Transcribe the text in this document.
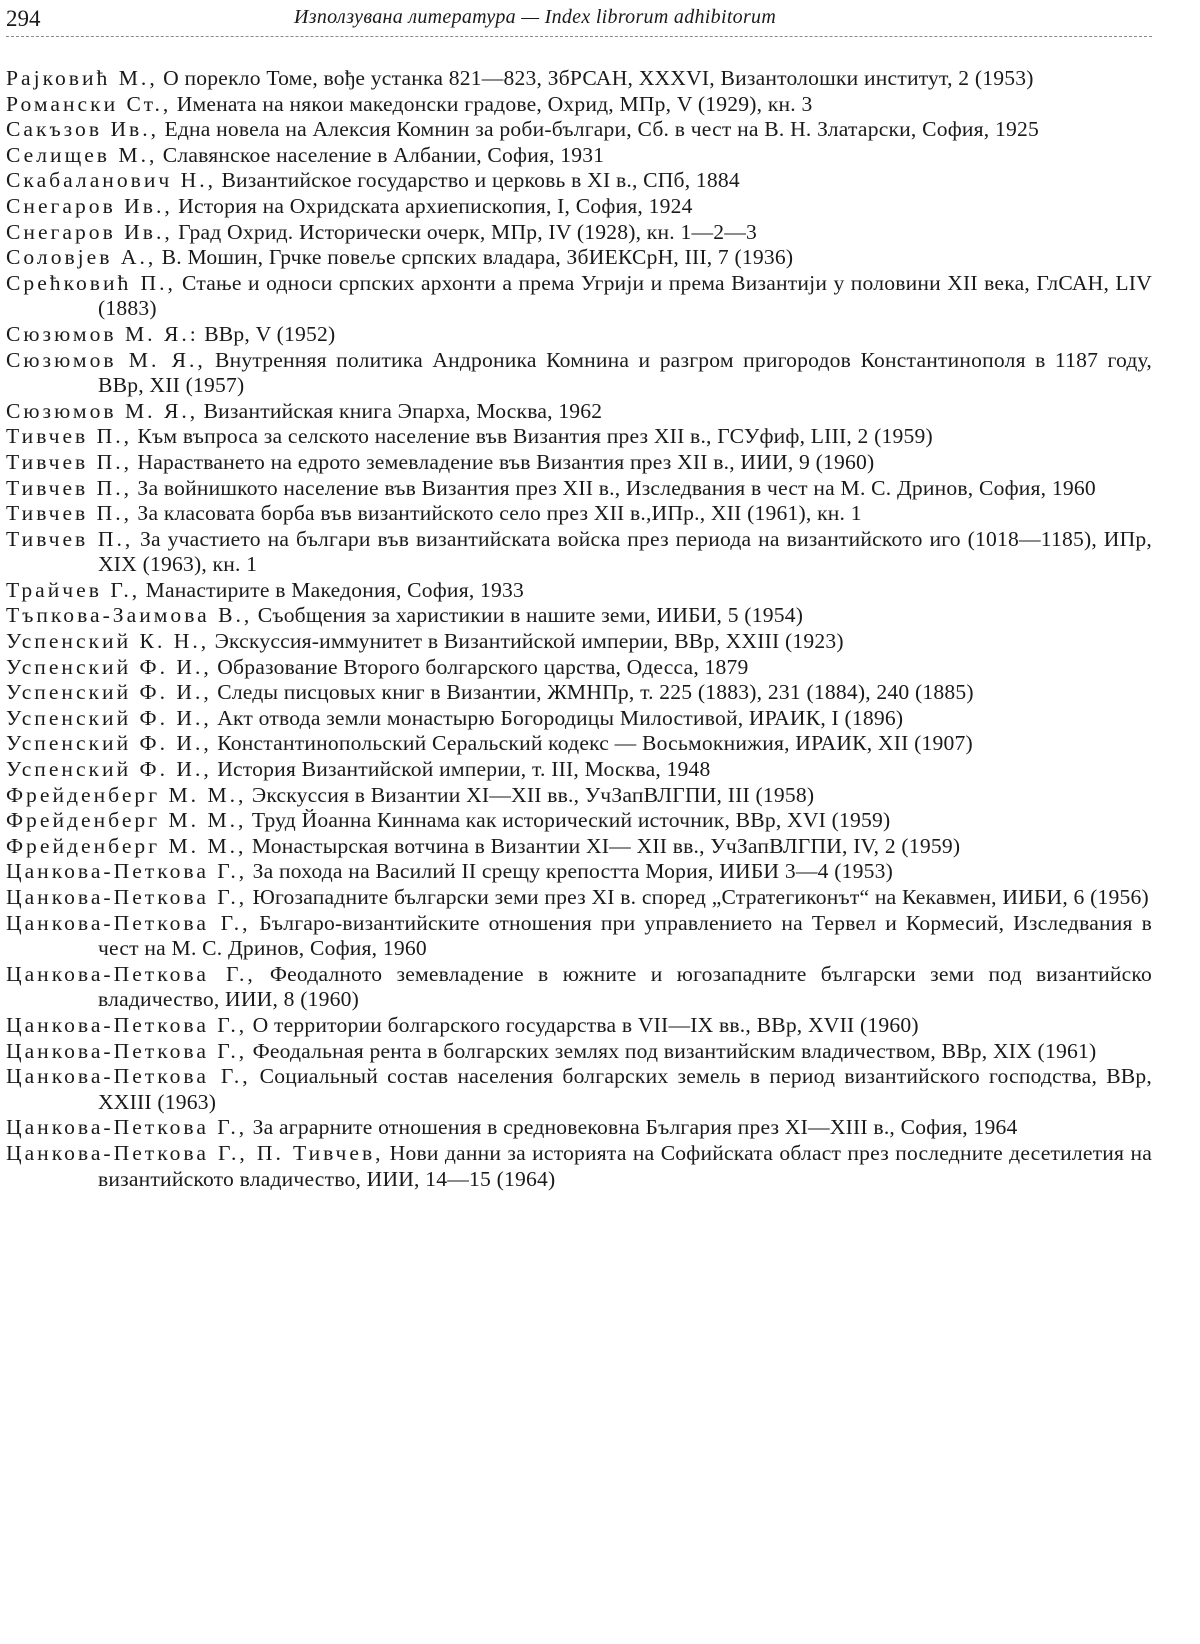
294	Използувана литература — Index librorum adhibitorum

Рајковић М., О порекло Томе, вође устанка 821—823, ЗбРСАН, XXXVI, Византолошки институт, 2 (1953)

Романски Ст., Имената на някои македонски градове, Охрид, МПр, V (1929), кн. 3

Сакъзов Ив., Една новела на Алексия Комнин за роби-българи, Сб. в чест на В. Н. Златарски, София, 1925

Селищев М., Славянское население в Албании, София, 1931

Скабаланович Н., Византийское государство и церковь в XI в., СПб, 1884

Снегаров Ив., История на Охридската архиепископия, I, София, 1924

Снегаров Ив., Град Охрид. Исторически очерк, МПр, IV (1928), кн. 1—2—3

Соловјев А., В. Мошин, Грчке повеље српских владара, ЗбИЕКСрН, III, 7 (1936)

Срећковић П., Стање и односи српских архонти а према Угрији и према Византији у половини XII века, ГлСАН, LIV (1883)

Сюзюмов М. Я.: ВВр, V (1952)

Сюзюмов М. Я., Внутренняя политика Андроника Комнина и разгром пригородов Константинополя в 1187 году, ВВр, XII (1957)

Сюзюмов М. Я., Византийская книга Эпарха, Москва, 1962

Тивчев П., Към въпроса за селското население във Византия през XII в., ГСУфиф, LIII, 2 (1959)

Тивчев П., Нарастването на едрото земевладение във Византия през XII в., ИИИ, 9 (1960)

Тивчев П., За войнишкото население във Византия през XII в., Изследвания в чест на М. С. Дринов, София, 1960

Тивчев П., За класовата борба във византийското село през XII в.,ИПр., XII (1961), кн. 1

Тивчев П., За участието на българи във византийската войска през периода на византийското иго (1018—1185), ИПр, XIX (1963), кн. 1

Трайчев Г., Манастирите в Македония, София, 1933

Тъпкова-Заимова В., Съобщения за харистикии в нашите земи, ИИБИ, 5 (1954)

Успенский К. Н., Экскуссия-иммунитет в Византийской империи, ВВр, XXIII (1923)

Успенский Ф. И., Образование Второго болгарского царства, Одесса, 1879

Успенский Ф. И., Следы писцовых книг в Византии, ЖМНПр, т. 225 (1883), 231 (1884), 240 (1885)

Успенский Ф. И., Акт отвода земли монастырю Богородицы Милостивой, ИРАИК, I (1896)

Успенский Ф. И., Константинопольский Серальский кодекс — Восьмокнижия, ИРАИК, XII (1907)

Успенский Ф. И., История Византийской империи, т. III, Москва, 1948

Фрейденберг М. М., Экскуссия в Византии XI—XII вв., УчЗапВЛГПИ, III (1958)

Фрейденберг М. М., Труд Йоанна Киннама как исторический источник, ВВр, XVI (1959)

Фрейденберг М. М., Монастырская вотчина в Византии XI— XII вв., УчЗапВЛГПИ, IV, 2 (1959)

Цанкова-Петкова Г., За похода на Василий II срещу крепостта Мория, ИИБИ 3—4 (1953)

Цанкова-Петкова Г., Югозападните български земи през XI в. според „Стратегиконът“ на Кекавмен, ИИБИ, 6 (1956)

Цанкова-Петкова Г., Българо-византийските отношения при управлението на Тервел и Кормесий, Изследвания в чест на М. С. Дринов, София, 1960

Цанкова-Петкова Г., Феодалното земевладение в южните и югозападните български земи под византийско владичество, ИИИ, 8 (1960)

Цанкова-Петкова Г., О территории болгарского государства в VII—IX вв., ВВр, XVII (1960)

Цанкова-Петкова Г., Феодальная рента в болгарских землях под византийским владичеством, ВВр, XIX (1961)

Цанкова-Петкова Г., Социальный состав населения болгарских земель в период византийского господства, ВВр, XXIII (1963)

Цанкова-Петкова Г., За аграрните отношения в средновековна България през XI—XIII в., София, 1964

Цанкова-Петкова Г., П. Тивчев, Нови данни за историята на Софийската област през последните десетилетия на византийското владичество, ИИИ, 14—15 (1964)
